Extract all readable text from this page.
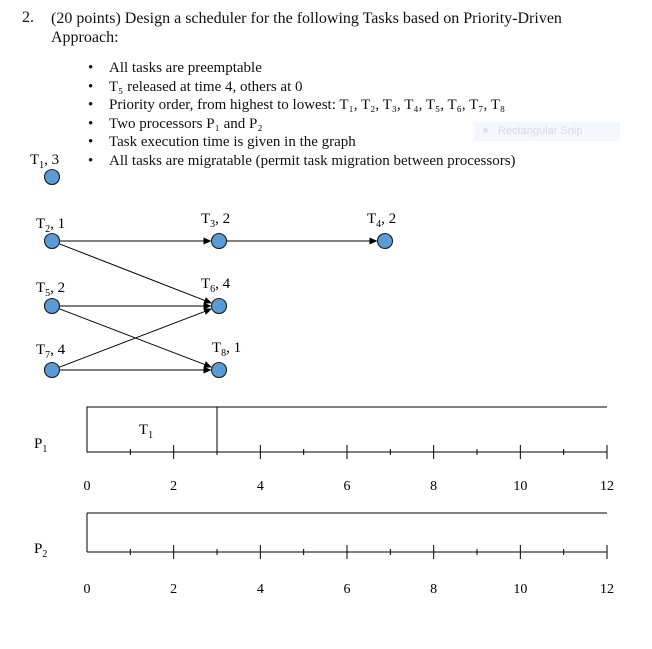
2. (20 points) Design a scheduler for the following Tasks based on Priority-Driven Approach:
• All tasks are preemptable
• T₅ released at time 4, others at 0
• Priority order, from highest to lowest: T₁, T₂, T₃, T₄, T₅, T₆, T₇, T₈
• Two processors P₁ and P₂
• Task execution time is given in the graph
• All tasks are migratable (permit task migration between processors)
Rectangular Snip
$T_1$, 3
$T_2$, 1	$T_3$, 2	$T_4$, 2
$T_5$, 2	$T_6$, 4
$T_7$, 4	$T_8$, 1
$P_1$
0	2	4	6	8	10	12
$T_1$
$P_2$
0	2	4	6	8	10	12
